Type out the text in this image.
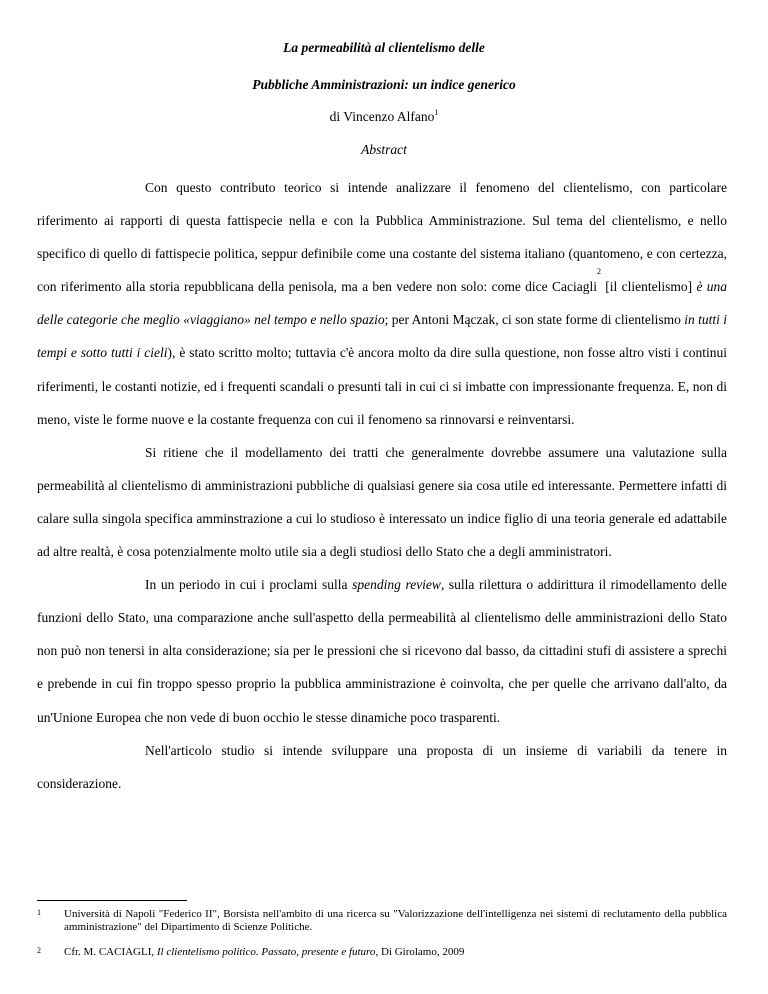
La permeabilità al clientelismo delle
Pubbliche Amministrazioni: un indice generico
di Vincenzo Alfano$^1$
Abstract

Con questo contributo teorico si intende analizzare il fenomeno del clientelismo, con particolare riferimento ai rapporti di questa fattispecie nella e con la Pubblica Amministrazione. Sul tema del clientelismo, e nello specifico di quello di fattispecie politica, seppur definibile come una costante del sistema italiano (quantomeno, e con certezza, con riferimento alla storia repubblicana della penisola, ma a ben vedere non solo: come dice Caciagli$^2$ [il clientelismo] è una delle categorie che meglio «viaggiano» nel tempo e nello spazio; per Antoni Mączak, ci son state forme di clientelismo in tutti i tempi e sotto tutti i cieli), è stato scritto molto; tuttavia c'è ancora molto da dire sulla questione, non fosse altro visti i continui riferimenti, le costanti notizie, ed i frequenti scandali o presunti tali in cui ci si imbatte con impressionante frequenza. E, non di meno, viste le forme nuove e la costante frequenza con cui il fenomeno sa rinnovarsi e reinventarsi.

Si ritiene che il modellamento dei tratti che generalmente dovrebbe assumere una valutazione sulla permeabilità al clientelismo di amministrazioni pubbliche di qualsiasi genere sia cosa utile ed interessante. Permettere infatti di calare sulla singola specifica amminstrazione a cui lo studioso è interessato un indice figlio di una teoria generale ed adattabile ad altre realtà, è cosa potenzialmente molto utile sia a degli studiosi dello Stato che a degli amministratori.

In un periodo in cui i proclami sulla spending review, sulla rilettura o addirittura il rimodellamento delle funzioni dello Stato, una comparazione anche sull'aspetto della permeabilità al clientelismo delle amministrazioni dello Stato non può non tenersi in alta considerazione; sia per le pressioni che si ricevono dal basso, da cittadini stufi di assistere a sprechi e prebende in cui fin troppo spesso proprio la pubblica amministrazione è coinvolta, che per quelle che arrivano dall'alto, da un'Unione Europea che non vede di buon occhio le stesse dinamiche poco trasparenti.

Nell'articolo studio si intende sviluppare una proposta di un insieme di variabili da tenere in considerazione.

1 Università di Napoli "Federico II", Borsista nell'ambito di una ricerca su "Valorizzazione dell'intelligenza nei sistemi di reclutamento della pubblica amministrazione" del Dipartimento di Scienze Politiche.
2 Cfr. M. CACIAGLI, Il clientelismo politico. Passato, presente e futuro, Di Girolamo, 2009
